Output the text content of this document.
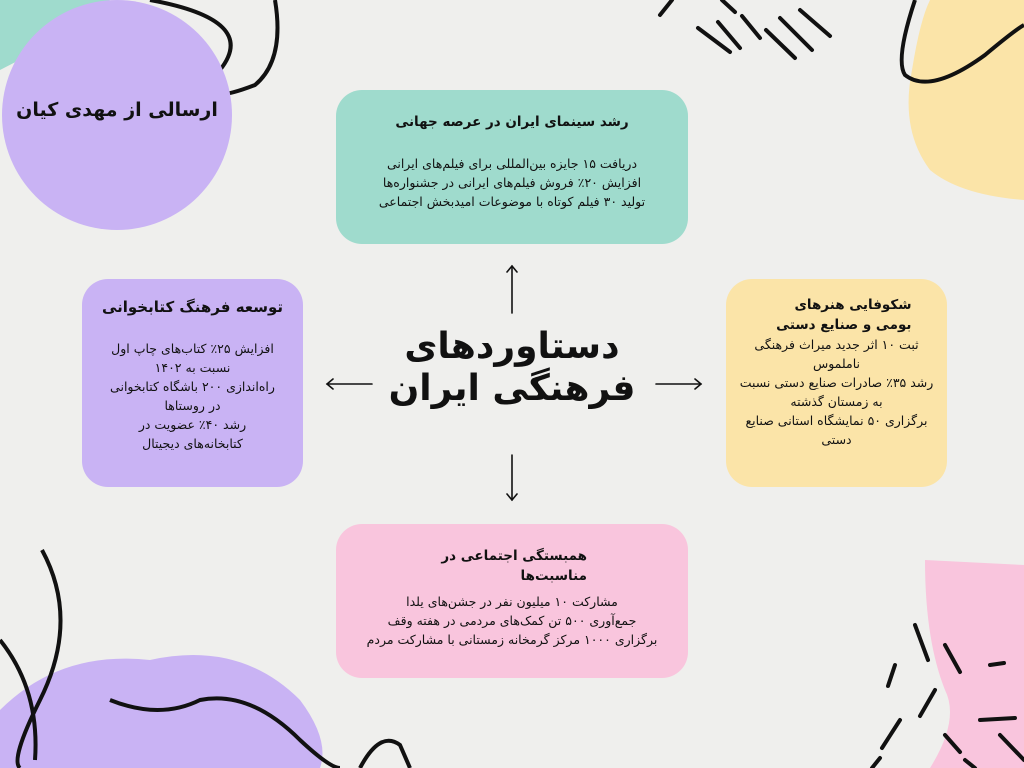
ارسالی از مهدی کیان
دستاوردهای
فرهنگی ایران
رشد سینمای ایران در عرصه جهانی
دریافت ۱۵ جایزه بین‌المللی برای فیلم‌های ایرانی
افزایش ۲۰٪ فروش فیلم‌های ایرانی در جشنواره‌ها
تولید ۳۰ فیلم کوتاه با موضوعات امیدبخش اجتماعی
توسعه فرهنگ کتابخوانی
افزایش ۲۵٪ کتاب‌های چاپ اول
نسبت به ۱۴۰۲
راه‌اندازی ۲۰۰ باشگاه کتابخوانی
در روستاها
رشد ۴۰٪ عضویت در
کتابخانه‌های دیجیتال
شکوفایی هنرهای بومی و صنایع دستی
ثبت ۱۰ اثر جدید میراث فرهنگی ناملموس
رشد ۳۵٪ صادرات صنایع دستی نسبت
به زمستان گذشته
برگزاری ۵۰ نمایشگاه استانی صنایع دستی
همبستگی اجتماعی در مناسبت‌ها
مشارکت ۱۰ میلیون نفر در جشن‌های یلدا
جمع‌آوری ۵۰۰ تن کمک‌های مردمی در هفته وقف
برگزاری ۱۰۰۰ مرکز گرمخانه زمستانی با مشارکت مردم
